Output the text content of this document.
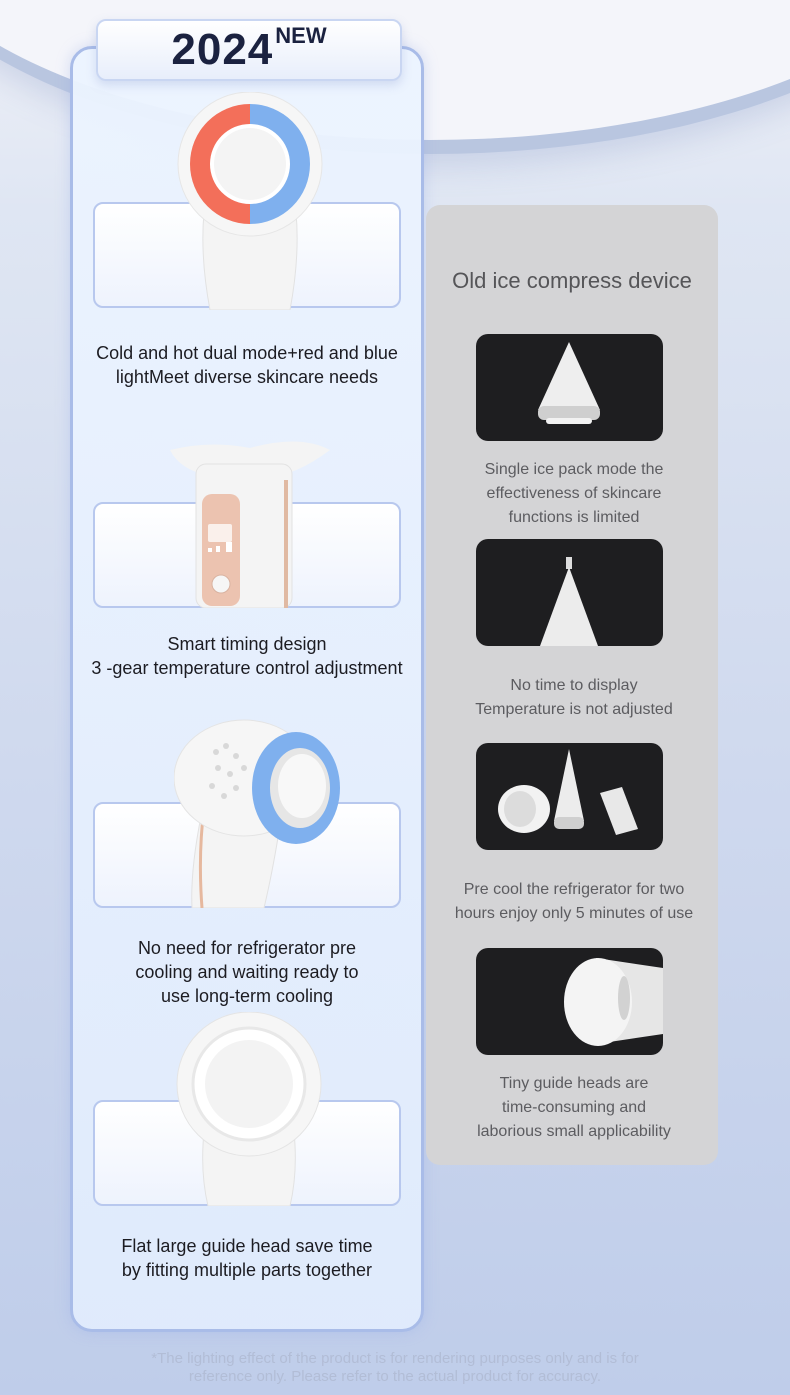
2024 NEW
Cold and hot dual mode+red and blue
lightMeet diverse skincare needs
Smart timing design
3 -gear temperature control adjustment
No need for refrigerator pre
cooling and waiting ready to
use long-term cooling
Flat large guide head save time
by fitting multiple parts together
Old ice compress device
Single ice pack mode the
effectiveness of skincare
functions is limited
No time to display
Temperature is not adjusted
Pre cool the refrigerator for two
hours enjoy only 5 minutes of use
Tiny guide heads are
time-consuming and
laborious small applicability
*The lighting effect of the product is for rendering purposes only and is for
reference only. Please refer to the actual product for accuracy.
